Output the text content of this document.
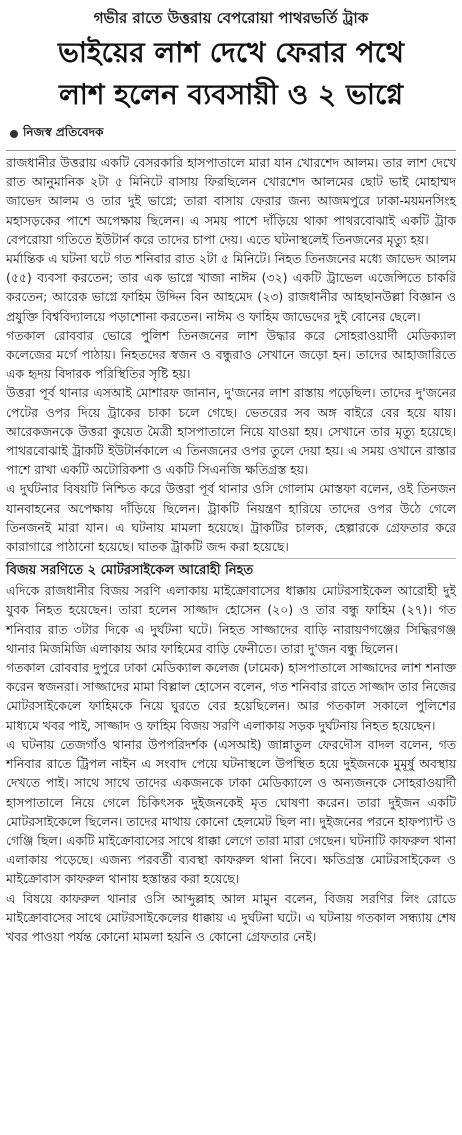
গভীর রাতে উত্তরায় বেপরোয়া পাথরভর্তি ট্রাক
ভাইয়ের লাশ দেখে ফেরার পথে
লাশ হলেন ব্যবসায়ী ও ২ ভাগ্নে
নিজস্ব প্রতিবেদক

রাজধানীর উত্তরায় একটি বেসরকারি হাসপাতালে মারা যান খোরশেদ আলম। তার লাশ দেখে রাত আনুমানিক ২টা ৫ মিনিটে বাসায় ফিরছিলেন খোরশেদ আলমের ছোট ভাই মোহাম্মদ জাভেদ আলম ও তার দুই ভাগ্নে; তারা বাসায় ফেরার জন্য আজমপুরে ঢাকা-ময়মনসিংহ মহাসড়কের পাশে অপেক্ষায় ছিলেন। এ সময় পাশে দাঁড়িয়ে থাকা পাথরবোঝাই একটি ট্রাক বেপরোয়া গতিতে ইউটার্ন করে তাদের চাপা দেয়। এতে ঘটনাস্থলেই তিনজনের মৃত্যু হয়।

মর্মান্তিক এ ঘটনা ঘটে গত শনিবার রাত ২টা ৫ মিনিটে। নিহত তিনজনের মধ্যে জাভেদ আলম (৫৫) ব্যবসা করতেন; তার এক ভাগ্নে খাজা নাঈম (৩২) একটি ট্রাভেল এজেন্সিতে চাকরি করতেন; আরেক ভাগ্নে ফাহিম উদ্দিন বিন আহমেদ (২৩) রাজধানীর আহছানউল্লা বিজ্ঞান ও প্রযুক্তি বিশ্ববিদ্যালয়ে পড়াশোনা করতেন। নাঈম ও ফাহিম জাভেদের দুই বোনের ছেলে।

গতকাল রোববার ভোরে পুলিশ তিনজনের লাশ উদ্ধার করে সোহরাওয়ার্দী মেডিক্যাল কলেজের মর্গে পাঠায়। নিহতদের স্বজন ও বন্ধুরাও সেখানে জড়ো হন। তাদের আহাজারিতে এক হৃদয় বিদারক পরিস্থিতির সৃষ্টি হয়।

উত্তরা পূর্ব থানার এসআই মোশারফ জানান, দু'জনের লাশ রাস্তায় পড়েছিল। তাদের দু'জনের পেটের ওপর দিয়ে ট্রাকের চাকা চলে গেছে। ভেতরের সব অঙ্গ বাইরে বের হয়ে যায়। আরেকজনকে উত্তরা কুয়েত মৈত্রী হাসপাতালে নিয়ে যাওয়া হয়। সেখানে তার মৃত্যু হয়েছে। পাথরবোঝাই ট্রাকটি ইউটার্নকালে এ তিনজনের ওপর তুলে দেয়া হয়। এ সময় ওখানে রাস্তার পাশে রাখা একটি অটোরিকশা ও একটি সিএনজি ক্ষতিগ্রস্ত হয়।

এ দুর্ঘটনার বিষয়টি নিশ্চিত করে উত্তরা পূর্ব থানার ওসি গোলাম মোস্তফা বলেন, ওই তিনজন যানবাহনের অপেক্ষায় দাঁড়িয়ে ছিলেন। ট্রাকটি নিয়ন্ত্রণ হারিয়ে তাদের ওপর উঠে গেলে তিনজনই মারা যান। এ ঘটনায় মামলা হয়েছে। ট্রাকটির চালক, হেল্পারকে গ্রেফতার করে কারাগারে পাঠানো হয়েছে। ঘাতক ট্রাকটি জব্দ করা হয়েছে।

বিজয় সরণিতে ২ মোটরসাইকেল আরোহী নিহত

এদিকে রাজধানীর বিজয় সরণি এলাকায় মাইক্রোবাসের ধাক্কায় মোটরসাইকেল আরোহী দুই যুবক নিহত হয়েছেন। তারা হলেন সাজ্জাদ হোসেন (২০) ও তার বন্ধু ফাহিম (২৭)। গত শনিবার রাত ৩টার দিকে এ দুর্ঘটনা ঘটে। নিহত সাজ্জাদের বাড়ি নারায়ণগঞ্জের সিদ্ধিরগঞ্জ থানার মিজমিজি এলাকায় আর ফাহিমের বাড়ি ফেনীতে। তারা দু'জন বন্ধু ছিলেন।

গতকাল রোববার দুপুরে ঢাকা মেডিক্যাল কলেজ (ঢামেক) হাসপাতালে সাজ্জাদের লাশ শনাক্ত করেন স্বজনরা। সাজ্জাদের মামা বিল্লাল হোসেন বলেন, গত শনিবার রাতে সাজ্জাদ তার নিজের মোটরসাইকেলে ফাহিমকে নিয়ে ঘুরতে বের হয়েছিলেন। আর গতকাল সকালে পুলিশের মাধ্যমে খবর পাই, সাজ্জাদ ও ফাহিম বিজয় সরণি এলাকায় সড়ক দুর্ঘটনায় নিহত হয়েছেন।

এ ঘটনায় তেজগাঁও থানার উপপরিদর্শক (এসআই) জান্নাতুল ফেরদৌস বাদল বলেন, গত শনিবার রাতে ট্রিপল নাইন এ সংবাদ পেয়ে ঘটনাস্থলে উপস্থিত হয়ে দুইজনকে মুমূর্ষু অবস্থায় দেখতে পাই। সাথে সাথে তাদের একজনকে ঢাকা মেডিক্যালে ও অন্যজনকে সোহরাওয়ার্দী হাসপাতালে নিয়ে গেলে চিকিৎসক দুইজনকেই মৃত ঘোষণা করেন। তারা দুইজন একটি মোটরসাইকেলে ছিলেন। তাদের মাথায় কোনো হেলমেট ছিল না। দুইজনের পরনে হাফপ্যান্ট ও গেঞ্জি ছিল। একটি মাইক্রোবাসের সাথে ধাক্কা লেগে তারা মারা গেছেন। ঘটনাটি কাফরুল থানা এলাকায় পড়েছে। এজন্য পরবর্তী ব্যবস্থা কাফরুল থানা নিবে। ক্ষতিগ্রস্ত মোটরসাইকেল ও মাইক্রোবাস কাফরুল থানায় হস্তান্তর করা হয়েছে।

এ বিষয়ে কাফরুল থানার ওসি আব্দুল্লাহ আল মামুন বলেন, বিজয় সরণির লিং রোডে মাইক্রোবাসের সাথে মোটরসাইকেলের ধাক্কায় এ দুর্ঘটনা ঘটে। এ ঘটনায় গতকাল সন্ধ্যায় শেষ খবর পাওয়া পর্যন্ত কোনো মামলা হয়নি ও কোনো গ্রেফতার নেই।
